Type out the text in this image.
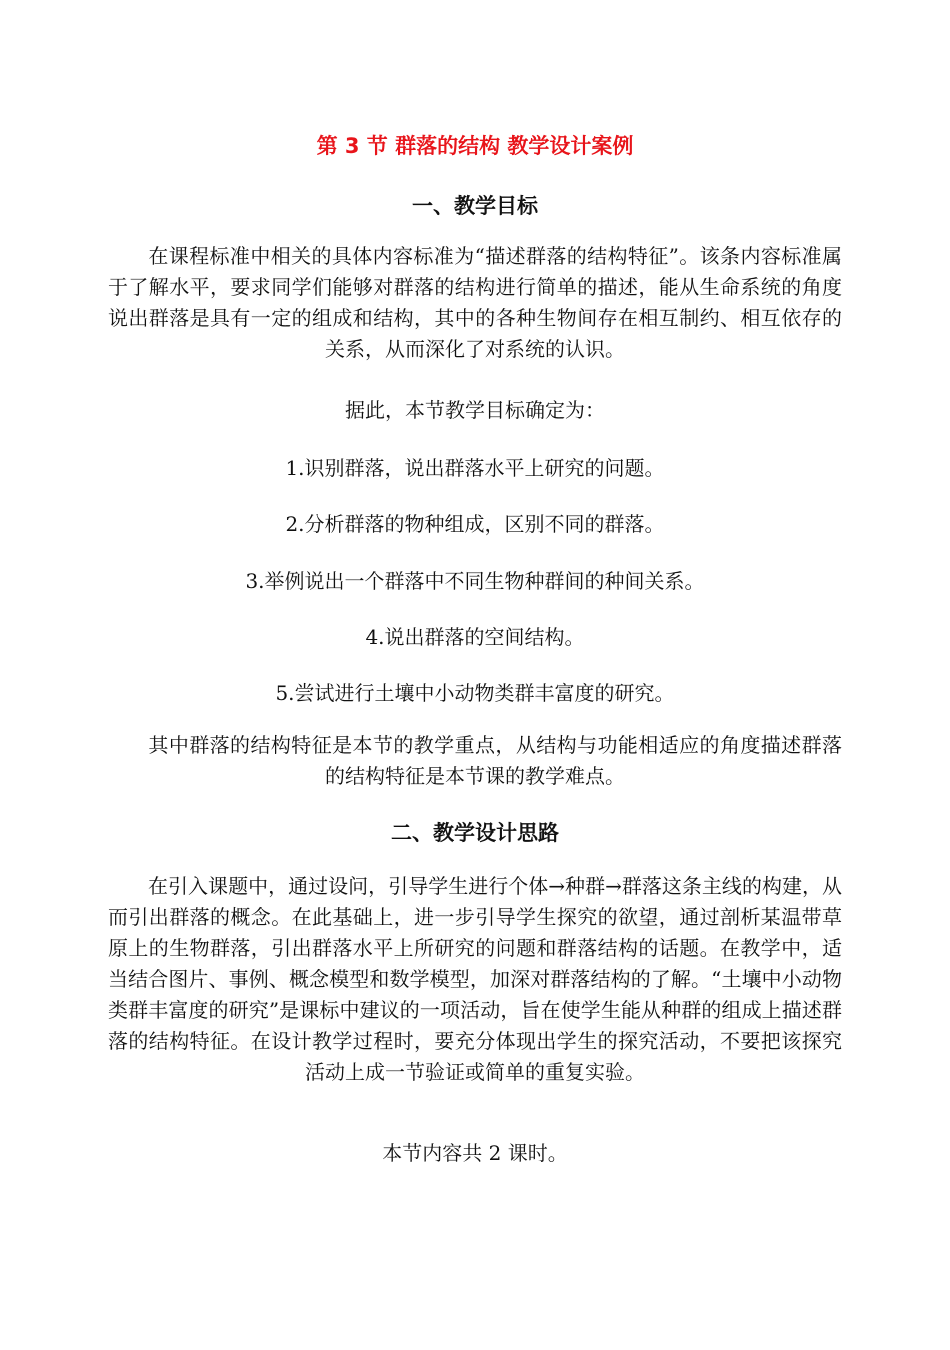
第 3 节 群落的结构 教学设计案例
一、教学目标
在课程标准中相关的具体内容标准为“描述群落的结构特征”。该条内容标准属于了解水平，要求同学们能够对群落的结构进行简单的描述，能从生命系统的角度说出群落是具有一定的组成和结构，其中的各种生物间存在相互制约、相互依存的关系，从而深化了对系统的认识。
据此，本节教学目标确定为：
1.识别群落，说出群落水平上研究的问题。
2.分析群落的物种组成，区别不同的群落。
3.举例说出一个群落中不同生物种群间的种间关系。
4.说出群落的空间结构。
5.尝试进行土壤中小动物类群丰富度的研究。
其中群落的结构特征是本节的教学重点，从结构与功能相适应的角度描述群落的结构特征是本节课的教学难点。
二、教学设计思路
在引入课题中，通过设问，引导学生进行个体→种群→群落这条主线的构建，从而引出群落的概念。在此基础上，进一步引导学生探究的欲望，通过剖析某温带草原上的生物群落，引出群落水平上所研究的问题和群落结构的话题。在教学中，适当结合图片、事例、概念模型和数学模型，加深对群落结构的了解。“土壤中小动物类群丰富度的研究”是课标中建议的一项活动，旨在使学生能从种群的组成上描述群落的结构特征。在设计教学过程时，要充分体现出学生的探究活动，不要把该探究活动上成一节验证或简单的重复实验。
本节内容共 2 课时。
